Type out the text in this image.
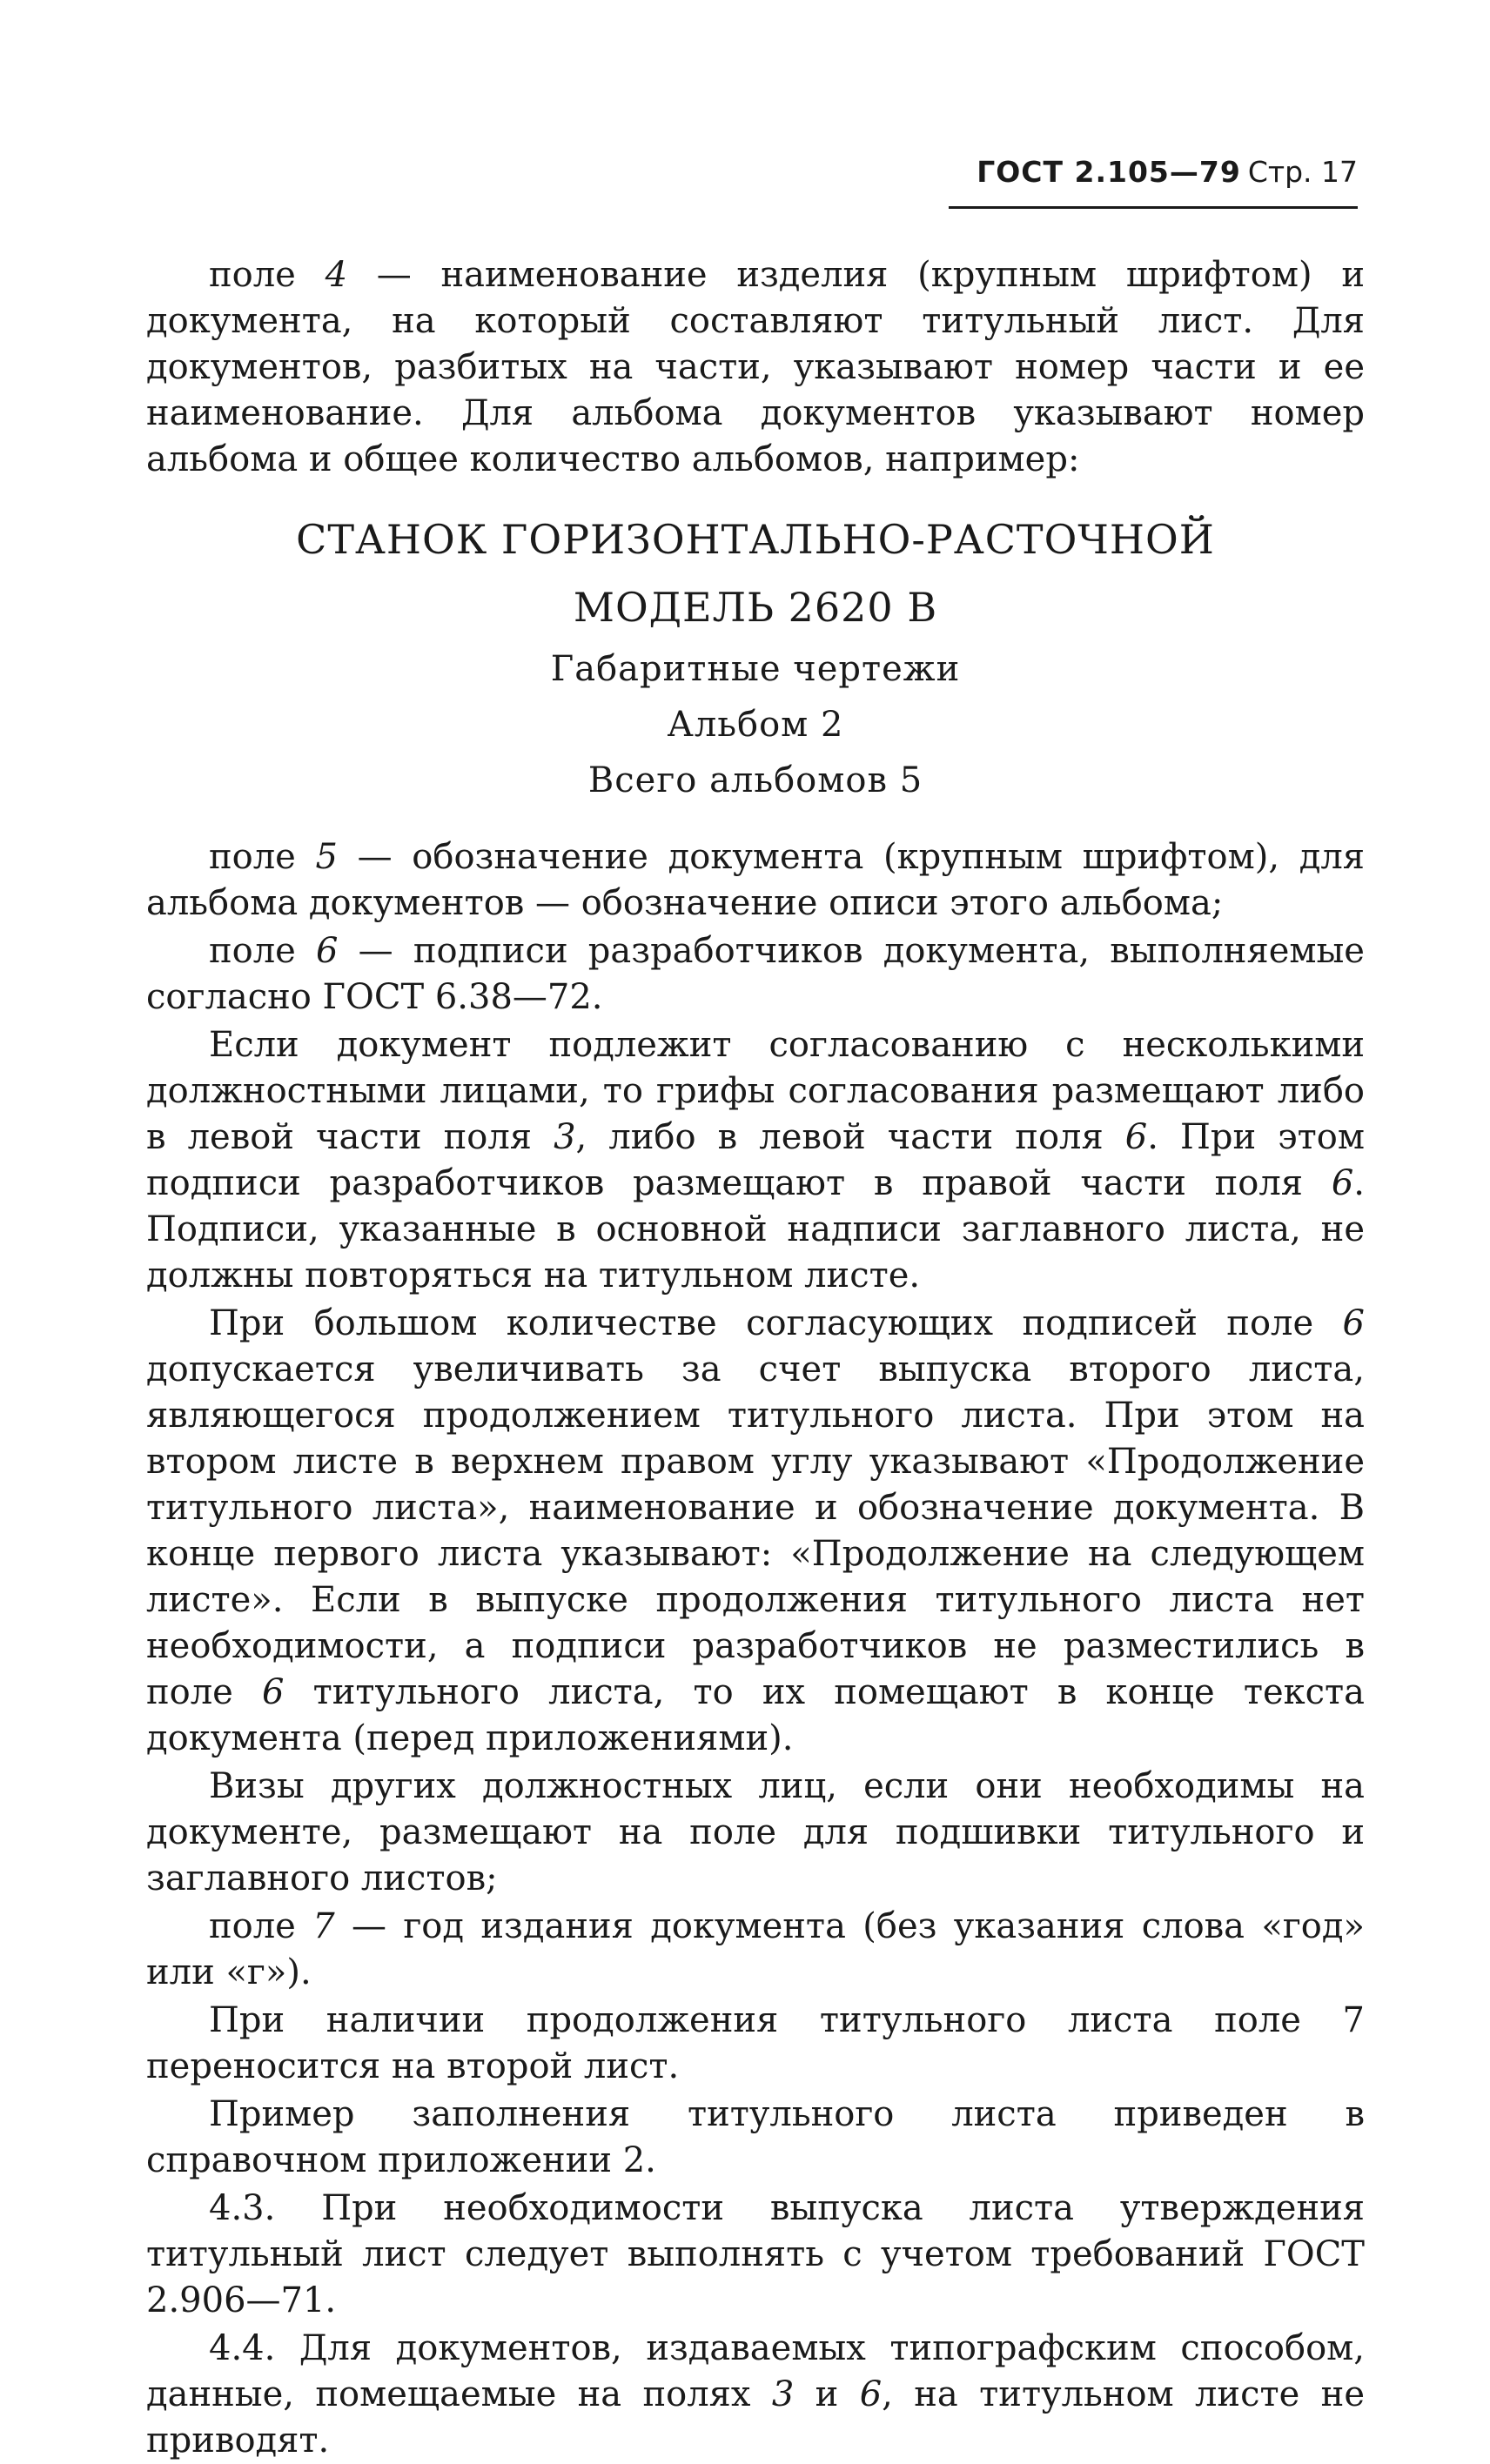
ГОСТ 2.105—79 Стр. 17

поле 4 — наименование изделия (крупным шрифтом) и документа, на который составляют титульный лист. Для документов, разбитых на части, указывают номер части и ее наименование. Для альбома документов указывают номер альбома и общее количество альбомов, например:

СТАНОК ГОРИЗОНТАЛЬНО-РАСТОЧНОЙ
МОДЕЛЬ 2620 В
Габаритные чертежи
Альбом 2
Всего альбомов 5

поле 5 — обозначение документа (крупным шрифтом), для альбома документов — обозначение описи этого альбома;

поле 6 — подписи разработчиков документа, выполняемые согласно ГОСТ 6.38—72.

Если документ подлежит согласованию с несколькими должностными лицами, то грифы согласования размещают либо в левой части поля 3, либо в левой части поля 6. При этом подписи разработчиков размещают в правой части поля 6. Подписи, указанные в основной надписи заглавного листа, не должны повторяться на титульном листе.

При большом количестве согласующих подписей поле 6 допускается увеличивать за счет выпуска второго листа, являющегося продолжением титульного листа. При этом на втором листе в верхнем правом углу указывают «Продолжение титульного листа», наименование и обозначение документа. В конце первого листа указывают: «Продолжение на следующем листе». Если в выпуске продолжения титульного листа нет необходимости, а подписи разработчиков не разместились в поле 6 титульного листа, то их помещают в конце текста документа (перед приложениями).

Визы других должностных лиц, если они необходимы на документе, размещают на поле для подшивки титульного и заглавного листов;

поле 7 — год издания документа (без указания слова «год» или «г»).

При наличии продолжения титульного листа поле 7 переносится на второй лист.

Пример заполнения титульного листа приведен в справочном приложении 2.

4.3. При необходимости выпуска листа утверждения титульный лист следует выполнять с учетом требований ГОСТ 2.906—71.

4.4. Для документов, издаваемых типографским способом, данные, помещаемые на полях 3 и 6, на титульном листе не приводят.
